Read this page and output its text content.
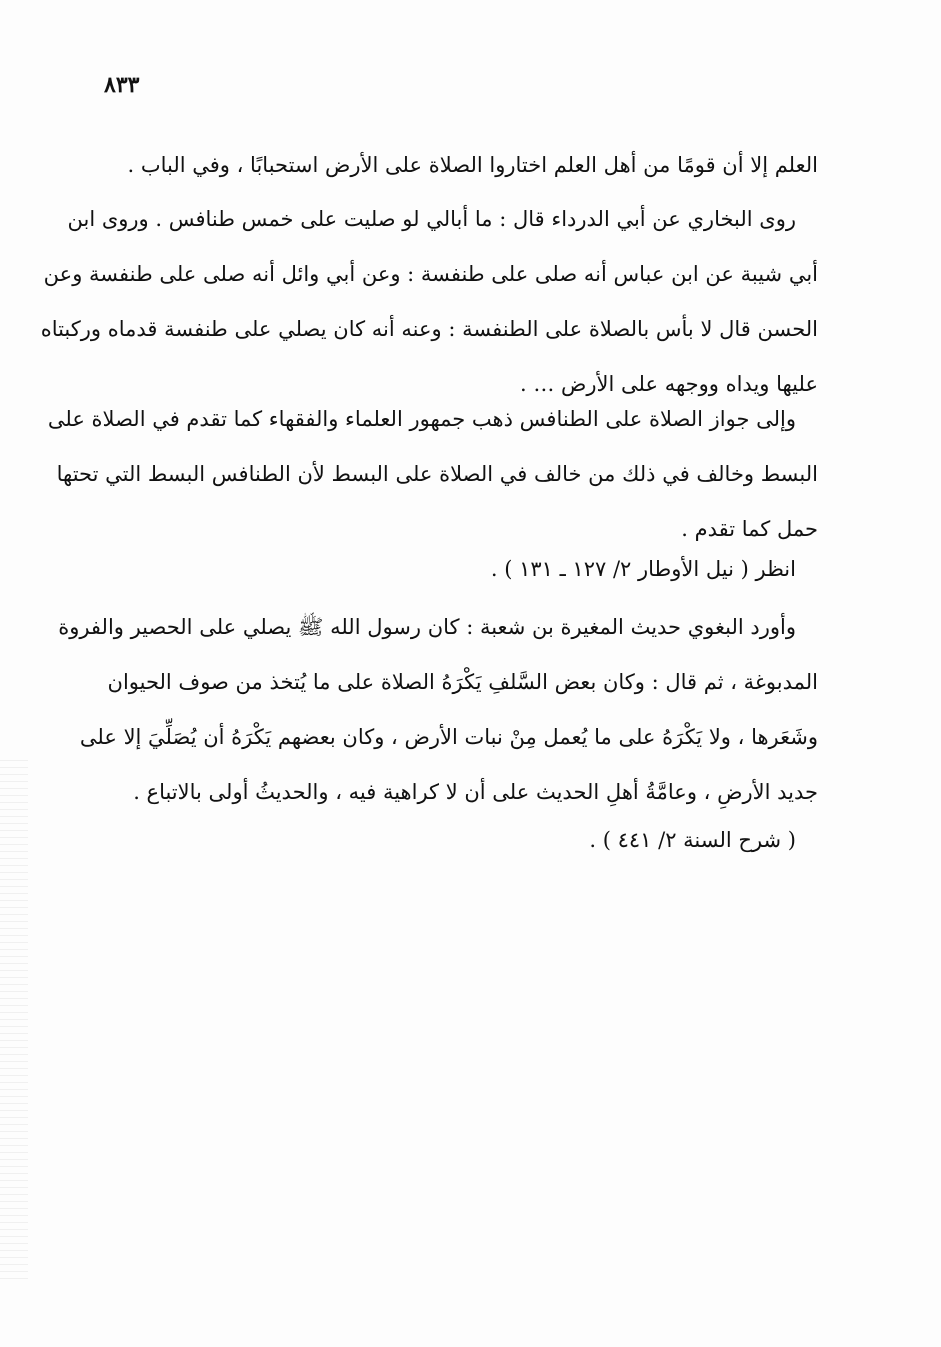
٨٣٣
العلم إلا أن قومًا من أهل العلم اختاروا الصلاة على الأرض استحبابًا ، وفي الباب .
روى البخاري عن أبي الدرداء قال : ما أبالي لو صليت على خمس طنافس . وروى ابن
أبي شيبة عن ابن عباس أنه صلى على طنفسة : وعن أبي وائل أنه صلى على طنفسة وعن
الحسن قال لا بأس بالصلاة على الطنفسة : وعنه أنه كان يصلي على طنفسة قدماه وركبتاه
عليها ويداه ووجهه على الأرض … .
وإلى جواز الصلاة على الطنافس ذهب جمهور العلماء والفقهاء كما تقدم في الصلاة على
البسط وخالف في ذلك من خالف في الصلاة على البسط لأن الطنافس البسط التي تحتها
حمل كما تقدم .
انظر ( نيل الأوطار ٢/ ١٢٧ ـ ١٣١ ) .
وأورد البغوي حديث المغيرة بن شعبة : كان رسول الله ﷺ يصلي على الحصير والفروة
المدبوغة ، ثم قال : وكان بعض السَّلفِ يَكْرَهُ الصلاة على ما يُتخذ من صوف الحيوان
وشَعَرها ، ولا يَكْرَهُ على ما يُعمل مِنْ نبات الأرض ، وكان بعضهم يَكْرَهُ أن يُصَلِّيَ إلا على
جديد الأرضِ ، وعامَّةُ أهلِ الحديث على أن لا كراهية فيه ، والحديثُ أولى بالاتباع .
( شرح السنة ٢/ ٤٤١ ) .
